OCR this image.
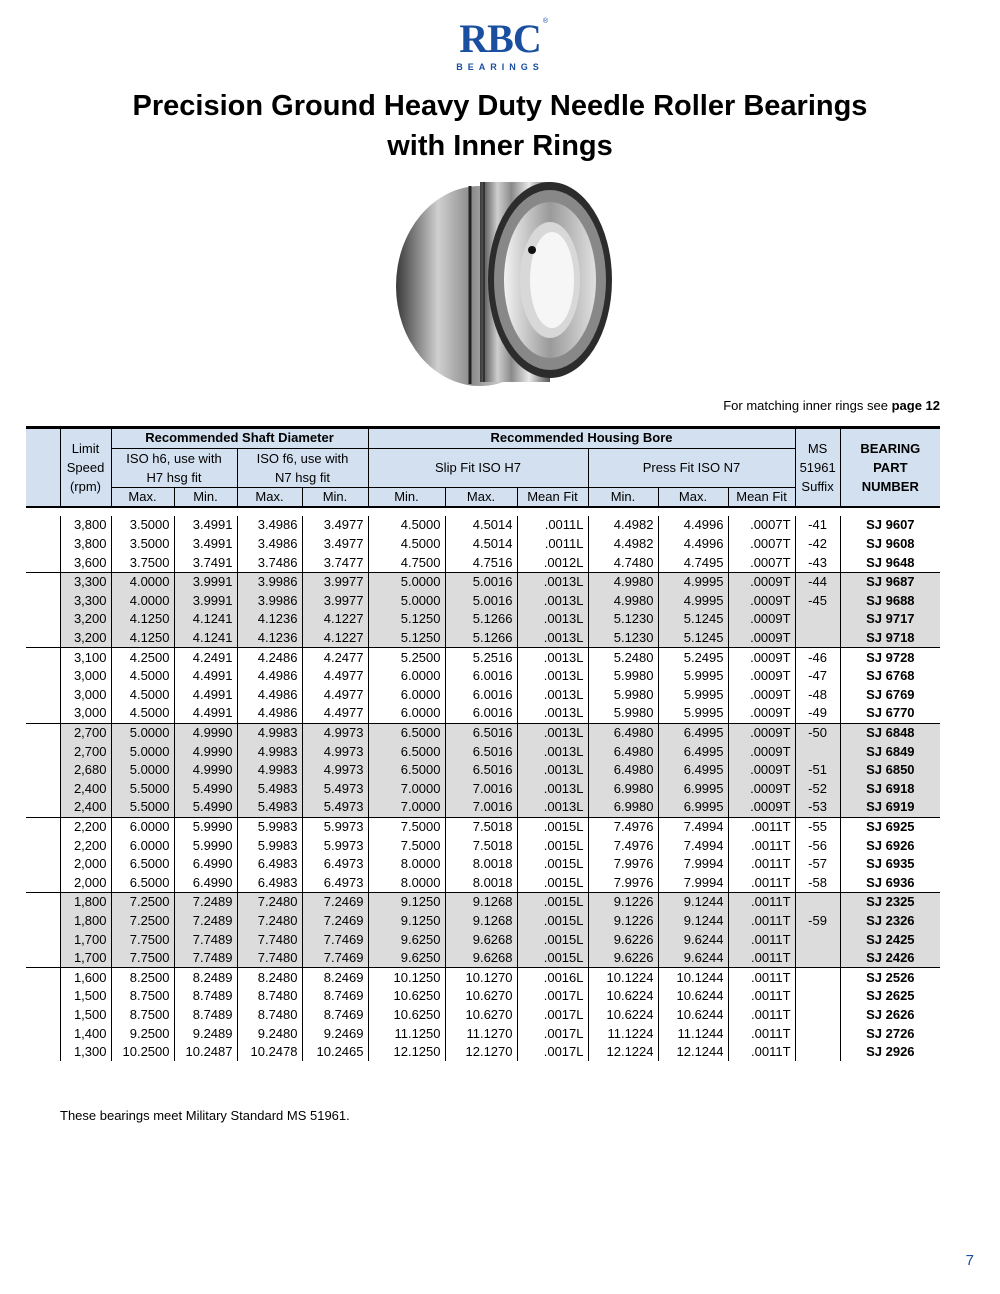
RBC ®
BEARINGS
Precision Ground Heavy Duty Needle Roller Bearings
with Inner Rings
For matching inner rings see page 12
	Limit
Speed
(rpm)	Recommended Shaft Diameter				Recommended Housing Bore						MS
51961
Suffix	BEARING
PART
NUMBER
		ISO h6, use with
H7 hsg fit		ISO f6, use with
N7 hsg fit		Slip Fit ISO H7			Press Fit ISO N7				

		Max.	Min.	Max.	Min.	Min.	Max.	Mean Fit	Min.	Max.	Mean Fit		

	3,800	3.5000	3.4991	3.4986	3.4977	4.5000	4.5014	.0011L	4.4982	4.4996	.0007T	-41	SJ 9607
	3,800	3.5000	3.4991	3.4986	3.4977	4.5000	4.5014	.0011L	4.4982	4.4996	.0007T	-42	SJ 9608
	3,600	3.7500	3.7491	3.7486	3.7477	4.7500	4.7516	.0012L	4.7480	4.7495	.0007T	-43	SJ 9648
	3,300	4.0000	3.9991	3.9986	3.9977	5.0000	5.0016	.0013L	4.9980	4.9995	.0009T	-44	SJ 9687
	3,300	4.0000	3.9991	3.9986	3.9977	5.0000	5.0016	.0013L	4.9980	4.9995	.0009T	-45	SJ 9688
	3,200	4.1250	4.1241	4.1236	4.1227	5.1250	5.1266	.0013L	5.1230	5.1245	.0009T		SJ 9717
	3,200	4.1250	4.1241	4.1236	4.1227	5.1250	5.1266	.0013L	5.1230	5.1245	.0009T		SJ 9718
	3,100	4.2500	4.2491	4.2486	4.2477	5.2500	5.2516	.0013L	5.2480	5.2495	.0009T	-46	SJ 9728
	3,000	4.5000	4.4991	4.4986	4.4977	6.0000	6.0016	.0013L	5.9980	5.9995	.0009T	-47	SJ 6768
	3,000	4.5000	4.4991	4.4986	4.4977	6.0000	6.0016	.0013L	5.9980	5.9995	.0009T	-48	SJ 6769
	3,000	4.5000	4.4991	4.4986	4.4977	6.0000	6.0016	.0013L	5.9980	5.9995	.0009T	-49	SJ 6770
	2,700	5.0000	4.9990	4.9983	4.9973	6.5000	6.5016	.0013L	6.4980	6.4995	.0009T	-50	SJ 6848
	2,700	5.0000	4.9990	4.9983	4.9973	6.5000	6.5016	.0013L	6.4980	6.4995	.0009T		SJ 6849
	2,680	5.0000	4.9990	4.9983	4.9973	6.5000	6.5016	.0013L	6.4980	6.4995	.0009T	-51	SJ 6850
	2,400	5.5000	5.4990	5.4983	5.4973	7.0000	7.0016	.0013L	6.9980	6.9995	.0009T	-52	SJ 6918
	2,400	5.5000	5.4990	5.4983	5.4973	7.0000	7.0016	.0013L	6.9980	6.9995	.0009T	-53	SJ 6919
	2,200	6.0000	5.9990	5.9983	5.9973	7.5000	7.5018	.0015L	7.4976	7.4994	.0011T	-55	SJ 6925
	2,200	6.0000	5.9990	5.9983	5.9973	7.5000	7.5018	.0015L	7.4976	7.4994	.0011T	-56	SJ 6926
	2,000	6.5000	6.4990	6.4983	6.4973	8.0000	8.0018	.0015L	7.9976	7.9994	.0011T	-57	SJ 6935
	2,000	6.5000	6.4990	6.4983	6.4973	8.0000	8.0018	.0015L	7.9976	7.9994	.0011T	-58	SJ 6936
	1,800	7.2500	7.2489	7.2480	7.2469	9.1250	9.1268	.0015L	9.1226	9.1244	.0011T		SJ 2325
	1,800	7.2500	7.2489	7.2480	7.2469	9.1250	9.1268	.0015L	9.1226	9.1244	.0011T	-59	SJ 2326
	1,700	7.7500	7.7489	7.7480	7.7469	9.6250	9.6268	.0015L	9.6226	9.6244	.0011T		SJ 2425
	1,700	7.7500	7.7489	7.7480	7.7469	9.6250	9.6268	.0015L	9.6226	9.6244	.0011T		SJ 2426
	1,600	8.2500	8.2489	8.2480	8.2469	10.1250	10.1270	.0016L	10.1224	10.1244	.0011T		SJ 2526
	1,500	8.7500	8.7489	8.7480	8.7469	10.6250	10.6270	.0017L	10.6224	10.6244	.0011T		SJ 2625
	1,500	8.7500	8.7489	8.7480	8.7469	10.6250	10.6270	.0017L	10.6224	10.6244	.0011T		SJ 2626
	1,400	9.2500	9.2489	9.2480	9.2469	11.1250	11.1270	.0017L	11.1224	11.1244	.0011T		SJ 2726
	1,300	10.2500	10.2487	10.2478	10.2465	12.1250	12.1270	.0017L	12.1224	12.1244	.0011T		SJ 2926
These bearings meet Military Standard MS 51961.
7
